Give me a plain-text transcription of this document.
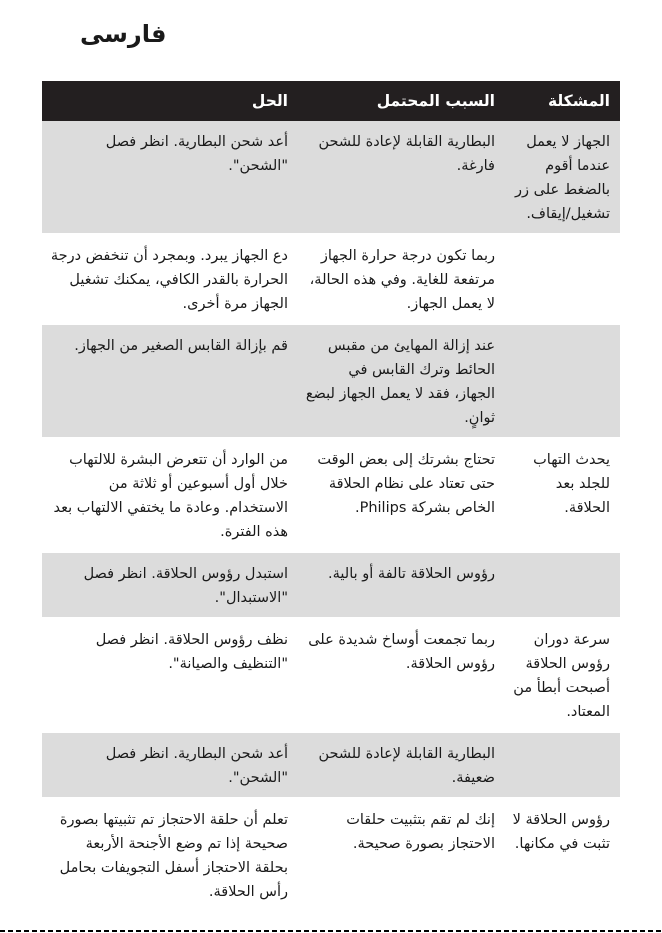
فارسی
المشكلة	السبب المحتمل	الحل
الجهاز لا يعمل عندما أقوم بالضغط على زر تشغيل/إيقاف.	البطارية القابلة لإعادة للشحن فارغة.	أعد شحن البطارية. انظر فصل "الشحن".
	ربما تكون درجة حرارة الجهاز مرتفعة للغاية. وفي هذه الحالة، لا يعمل الجهاز.	دع الجهاز يبرد. وبمجرد أن تنخفض درجة الحرارة بالقدر الكافي، يمكنك تشغيل الجهاز مرة أخرى.
	عند إزالة المهايئ من مقبس الحائط وترك القابس في الجهاز، فقد لا يعمل الجهاز لبضع ثوانٍ.	قم بإزالة القابس الصغير من الجهاز.
يحدث التهاب للجلد بعد الحلاقة.	تحتاج بشرتك إلى بعض الوقت حتى تعتاد على نظام الحلاقة الخاص بشركة Philips.	من الوارد أن تتعرض البشرة للالتهاب خلال أول أسبوعين أو ثلاثة من الاستخدام. وعادة ما يختفي الالتهاب بعد هذه الفترة.
	رؤوس الحلاقة تالفة أو بالية.	استبدل رؤوس الحلاقة. انظر فصل "الاستبدال".
سرعة دوران رؤوس الحلاقة أصبحت أبطأ من المعتاد.	ربما تجمعت أوساخ شديدة على رؤوس الحلاقة.	نظف رؤوس الحلاقة. انظر فصل "التنظيف والصيانة".
	البطارية القابلة لإعادة للشحن ضعيفة.	أعد شحن البطارية. انظر فصل "الشحن".
رؤوس الحلاقة لا تثبت في مكانها.	إنك لم تقم بتثبيت حلقات الاحتجاز بصورة صحيحة.	تعلم أن حلقة الاحتجاز تم تثبيتها بصورة صحيحة إذا تم وضع الأجنحة الأربعة بحلقة الاحتجاز أسفل التجويفات بحامل رأس الحلاقة.
